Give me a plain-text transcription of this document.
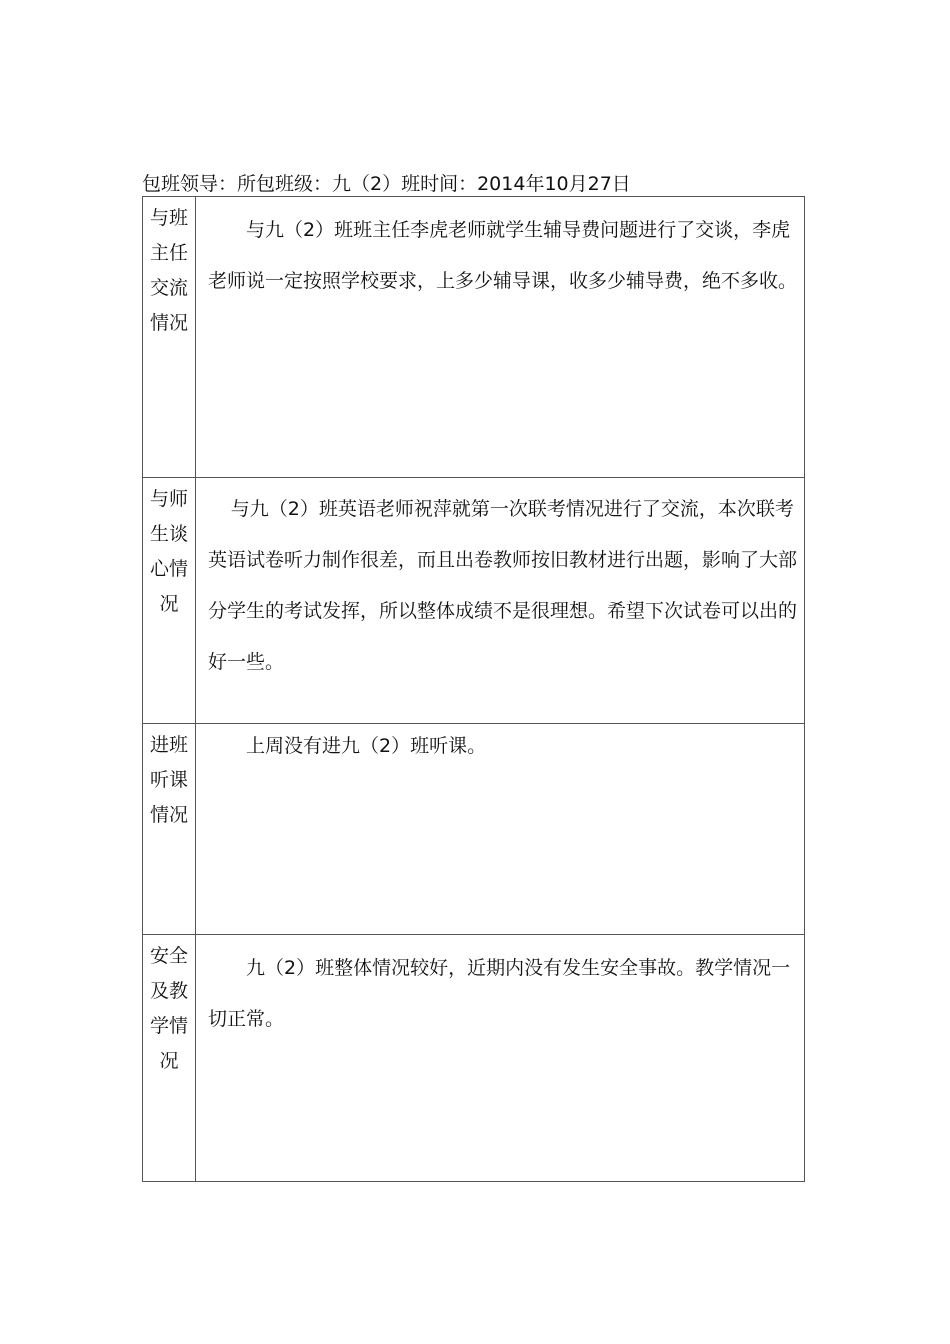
包班领导：所包班级：九（2）班时间：2014年10月27日
与班主任交流情况	与九（2）班班主任李虎老师就学生辅导费问题进行了交谈，李虎老师说一定按照学校要求，上多少辅导课，收多少辅导费，绝不多收。

与师生谈心情况	与九（2）班英语老师祝萍就第一次联考情况进行了交流，本次联考英语试卷听力制作很差，而且出卷教师按旧教材进行出题，影响了大部分学生的考试发挥，所以整体成绩不是很理想。希望下次试卷可以出的好一些。

进班听课情况	上周没有进九（2）班听课。

安全及教学情况	九（2）班整体情况较好，近期内没有发生安全事故。教学情况一切正常。
